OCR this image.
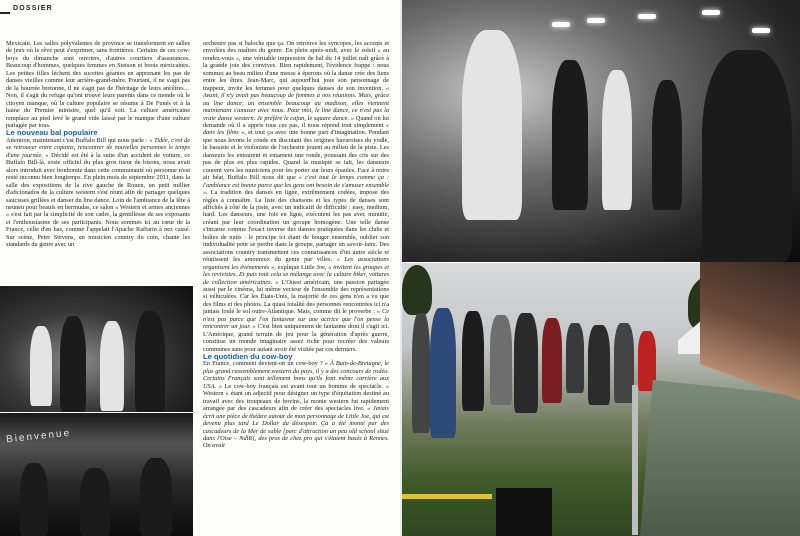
DOSSIER

Mexicain. Les salles polyvalentes de province se transforment en salles de jeux où le rêve peut s'exprimer, sans frontières. Certains de ces cow-boys du dimanche sont ouvriers, d'autres courtiers d'assurances. Beaucoup d'hommes, quelques femmes en Stetson et boots mexicaines. Les petites filles lèchent des sucettes géantes en apprenant les pas de danses vieilles comme leur arrière-grand-mère. Pourtant, il ne s'agit pas de la bourrée bretonne, il ne s'agit pas de l'héritage de leurs ancêtres… Non, il s'agit du refuge qu'ont trouvé leurs parents dans ce monde où le citoyen manque, où la culture populaire se résume à De Funès et à la haine du Premier ministre, quel qu'il soit. La culture américaine remplace au pied levé le grand vide laissé par le manque d'une culture partagée par tous.

Le nouveau bal populaire

Attention, maintenant c'est Buffalo Bill qui nous parle : « Tidée, c'est de se retrouver entre copains, rencontrer de nouvelles personnes le temps d'une journée. » Décidé est été à la suite d'un accident de voiture, ce Buffalo Bill-là, sosie officiel du plus gros tueur de bisons, nous avait alors introduit avec bonhomie dans cette communauté où personne n'est resté inconnu bien longtemps. En plein mois de septembre 2011, dans la salle des expositions de la rive gauche de Rouen, un petit millier d'aficionados de la culture western s'est réuni afin de partager quelques saucisses grillées et danser du line dance. Loin de l'ambiance de la fête à neuneu pour beaufs en bermudas, ce salon « Western et armes anciennes » s'est fait par la simplicité de son cadre, la gentillesse de ses exposants et l'enthousiasme de ses participants. Nous sommes ici au cœur de la France, celle d'en bas, comme l'appelait l'Apache Raffarin à nez cassé. Sur scène, Peter Stevens, un musicien country du coin, chante les standards du genre avec un

orchestre pas si baloche que ça. On retrouve les syncopes, les accents et envolées des maîtres du genre. En plein après-midi, avec le soleil « au rendez-vous », une véritable impression de bal du 14 juillet naît grâce à la grande joie des convives. Bien rapidement, l'évidence frappe : nous sommes au beau milieu d'une messe à éperons où la danse crée des liens entre les êtres. Jean-Marc, qui aujourd'hui joue son personnage de trappeur, invite les femmes pour quelques danses de son invention. « Avant, il n'y avait pas beaucoup de femmes à nos réunions. Mais, grâce au line dance, un ensemble beaucoup au madison, elles viennent maintenant s'amuser avec nous. Pour moi, le line dance, ce n'est pas la vraie danse western. Je préfère le cajun, le square dance. » Quand on lui demande où il a appris tous ces pas, il nous répond tout simplement « dans les films », et tout ça avec une bonne part d'imagination. Pendant que nous levons le coude en discutant des origines bavaroises du yodle, le bassiste et le violoniste de l'orchestre jouent au milieu de la piste. Les danseurs les entourent et entament une ronde, poussant des cris sur des pas de plus en plus rapides. Quand la musique se tait, les danseurs courent vers les musiciens pour les porter sur leurs épaules. Face à notre air béat, Buffalo Bill nous dit que « c'est tout le temps comme ça : l'ambiance est bonne parce que les gens ont besoin de s'amuser ensemble ». La tradition des danses en ligne, extrêmement codées, impose des règles à connaître. La liste des chansons et les types de danses sont affichés à côté de la piste, avec un indicatif de difficulté : easy, medium, hard. Les danseurs, une fois en ligne, exécutent les pas avec minutie, créant par leur coordination un groupe homogène. Une telle danse s'incarne comme l'exact inverse des danses pratiquées dans les clubs et boîtes de nuits : le principe ici étant de bouger ensemble, oublier son individualité pour se perdre dans le groupe, partager un savoir-faire. Des associations country transmettent ces connaissances d'un autre siècle et réunissent les amoureux du genre par villes. « Les associations organisent les événements », explique Little Joe, « invitent les groupes et les revivistes. Et puis tout cela se mélange avec la culture biker, voitures de collection américaines. » L'Ouest américain, une passion partagée aussi par le cinéma, lui même vecteur de l'ensemble des représentations si véhiculées. Car les États-Unis, la majorité de ces gens n'en a vu que des films et des photos. La quasi totalité des personnes rencontrées ici n'a jamais foulé le sol outre-Atlantique. Mais, comme dit le proverbe : « Ce n'est pas parce que l'on fantasme sur une actrice que l'on pense la rencontrer un jour. » C'est bien uniquement de fantasme dont il s'agit ici. L'Amérique, grand terrain de jeu pour la génération d'après guerre, constitue un monde imaginaire assez riche pour recréer des valeurs communes sans pour autant avoir été visitée par ces derniers.

Le quotidien du cow-boy

En France, comment devient-on un cow-boy ? « À Bain-de-Bretagne, le plus grand rassemblement western du pays, il y a des concours de rodéo. Certains Français sont tellement bons qu'ils font même carrière aux USA. » Le cow-boy français est avant tout un homme de spectacle. « Western » étant un adjectif pour désigner un type d'équitation destiné au travail avec des troupeaux de bovins, la monte western fut rapidement arrangée par des cascadeurs afin de créer des spectacles live. « Javais écrit une pièce de théâtre autour de mon personnage de Little Joe, qui est devenu plus tard Le Dollar du désespoir. Ça a été monté par des cascadeurs de la Mer de sable [parc d'attraction un peu old school situé dans l'Oise – NdlR], des pros de chez pro qui s'étaient basés à Rennes. On avait

Bienvenue
